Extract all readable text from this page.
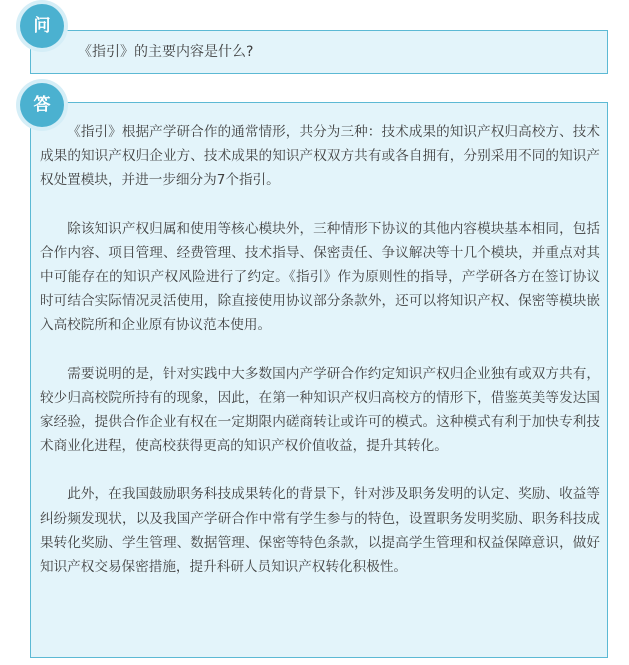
《指引》的主要内容是什么?
问

《指引》根据产学研合作的通常情形，共分为三种：技术成果的知识产权归高校方、技术成果的知识产权归企业方、技术成果的知识产权双方共有或各自拥有，分别采用不同的知识产权处置模块，并进一步细分为7个指引。

除该知识产权归属和使用等核心模块外，三种情形下协议的其他内容模块基本相同，包括合作内容、项目管理、经费管理、技术指导、保密责任、争议解决等十几个模块，并重点对其中可能存在的知识产权风险进行了约定。《指引》作为原则性的指导，产学研各方在签订协议时可结合实际情况灵活使用，除直接使用协议部分条款外，还可以将知识产权、保密等模块嵌入高校院所和企业原有协议范本使用。

需要说明的是，针对实践中大多数国内产学研合作约定知识产权归企业独有或双方共有，较少归高校院所持有的现象，因此，在第一种知识产权归高校方的情形下，借鉴英美等发达国家经验，提供合作企业有权在一定期限内磋商转让或许可的模式。这种模式有利于加快专利技术商业化进程，使高校获得更高的知识产权价值收益，提升其转化。

此外，在我国鼓励职务科技成果转化的背景下，针对涉及职务发明的认定、奖励、收益等纠纷频发现状，以及我国产学研合作中常有学生参与的特色，设置职务发明奖励、职务科技成果转化奖励、学生管理、数据管理、保密等特色条款，以提高学生管理和权益保障意识，做好知识产权交易保密措施，提升科研人员知识产权转化积极性。

答
